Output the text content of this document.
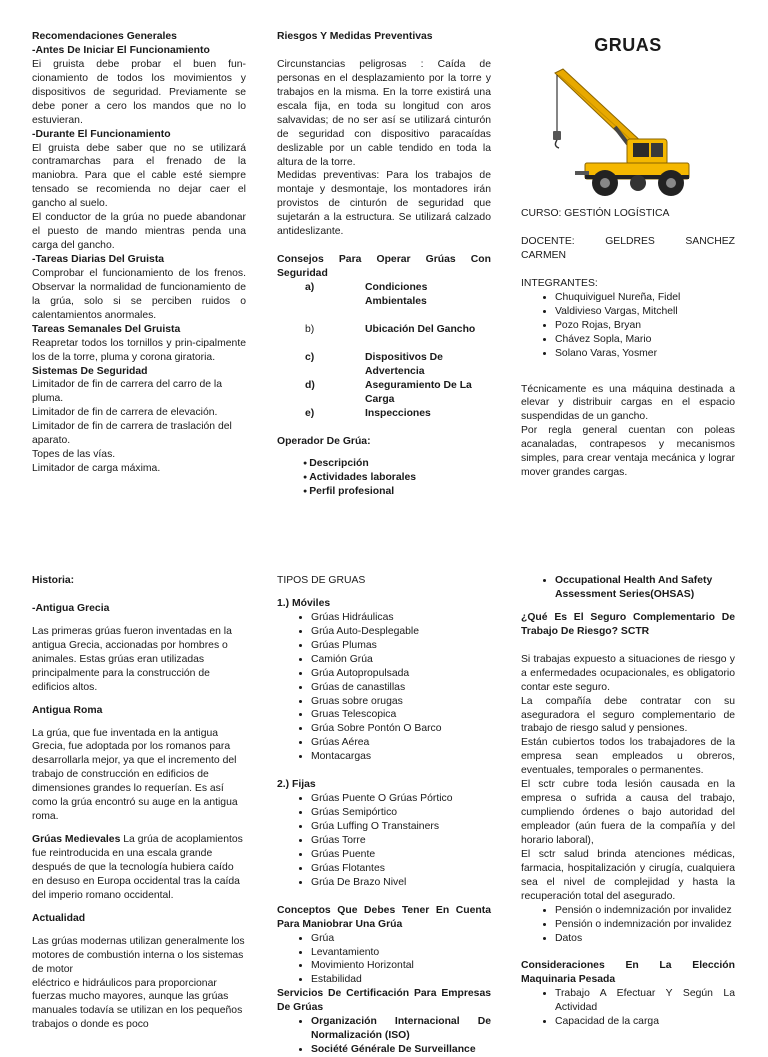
Recomendaciones Generales

-Antes De Iniciar El Funcionamiento

Ei gruista debe probar el buen fun-cionamiento de todos los movimientos y dispositivos de seguridad. Previamente se debe poner a cero los mandos que no lo estuvieran.

-Durante El Funcionamiento

El gruista debe saber que no se utilizará contramarchas para el frenado de la maniobra. Para que el cable esté siempre tensado se recomienda no dejar caer el gancho al suelo.

El conductor de la grúa no puede abandonar el puesto de mando mientras penda una carga del gancho.

-Tareas Diarias Del Gruista

Comprobar el funcionamiento de los frenos. Observar la normalidad de funcionamiento de la grúa, solo si se perciben ruidos o calentamientos anormales.

Tareas Semanales Del Gruista

Reapretar todos los tornillos y prin-cipalmente los de la torre, pluma y corona giratoria.

Sistemas De Seguridad

Limitador de fin de carrera del carro de la pluma.

Limitador de fin de carrera de elevación.

Limitador de fin de carrera de traslación del aparato.

Topes de las vías.

Limitador de carga máxima.

Riesgos Y Medidas Preventivas

Circunstancias peligrosas : Caída de personas en el desplazamiento por la torre y trabajos en la misma. En la torre existirá una escala fija, en toda su longitud con aros salvavidas; de no ser así se utilizará cinturón de seguridad con dispositivo paracaídas deslizable por un cable tendido en toda la altura de la torre.

Medidas preventivas: Para los trabajos de montaje y desmontaje, los montadores irán provistos de cinturón de seguridad que sujetarán a la estructura. Se utilizará calzado antideslizante.

Consejos Para Operar Grúas Con Seguridad

a)	Condiciones Ambientales
b)	Ubicación Del Gancho
c)	Dispositivos De Advertencia
d)	Aseguramiento De La Carga
e)	Inspecciones

Operador De Grúa:

● Descripción
● Actividades laborales
● Perfil profesional

GRUAS

CURSO: GESTIÓN LOGÍSTICA

DOCENTE:	GELDRES	SANCHEZ

CARMEN

INTEGRANTES:

• Chuquiviguel Nureña, Fidel
• Valdivieso Vargas, Mitchell
• Pozo Rojas, Bryan
• Chávez Sopla, Mario
• Solano Varas, Yosmer

Técnicamente es una máquina destinada a elevar y distribuir cargas en el espacio suspendidas de un gancho.

Por regla general cuentan con poleas acanaladas, contrapesos y mecanismos simples, para crear ventaja mecánica y lograr mover grandes cargas.

Historia:

-Antigua Grecia

Las primeras grúas fueron inventadas en la antigua Grecia, accionadas por hombres o animales. Estas grúas eran utilizadas principalmente para la construcción de edificios altos.

Antigua Roma

La grúa, que fue inventada en la antigua Grecia, fue adoptada por los romanos para desarrollarla mejor, ya que el incremento del trabajo de construcción en edificios de dimensiones grandes lo requerían. Es así como la grúa encontró su auge en la antigua roma.

Grúas Medievales La grúa de acoplamientos fue reintroducida en una escala grande después de que la tecnología hubiera caído en desuso en Europa occidental tras la caída del imperio romano occidental.

Actualidad

Las grúas modernas utilizan generalmente los motores de combustión interna o los sistemas de motor

eléctrico e hidráulicos para proporcionar fuerzas mucho mayores, aunque las grúas manuales todavía se utilizan en los pequeños trabajos o donde es poco

TIPOS DE GRUAS

1.) Móviles

• Grúas Hidráulicas
• Grúa Auto-Desplegable
• Grúas Plumas
• Camión Grúa
• Grúa Autopropulsada
• Grúas de canastillas
• Gruas sobre orugas
• Gruas Telescopica
• Grúa Sobre Pontón O Barco
• Grúas Aérea
• Montacargas

2.) Fijas

• Grúas Puente O Grúas Pórtico
• Grúas Semipórtico
• Grúa Luffing O Transtainers
• Grúas Torre
• Grúas Puente
• Grúas Flotantes
• Grúa De Brazo Nivel

Conceptos Que Debes Tener En Cuenta Para Maniobrar Una Grúa

• Grúa
• Levantamiento
• Movimiento Horizontal
• Estabilidad

Servicios De Certificación Para Empresas De Grúas

• Organización Internacional De Normalización (ISO)
• Société Générale De Surveillance
• Occupational Health And Safety Assessment Series(OHSAS)

¿Qué Es El Seguro Complementario De Trabajo De Riesgo? SCTR

Si trabajas expuesto a situaciones de riesgo y a enfermedades ocupacionales, es obligatorio contar este seguro.

La compañía debe contratar con su aseguradora el seguro complementario de trabajo de riesgo salud y pensiones.

Están cubiertos todos los trabajadores de la empresa sean empleados u obreros, eventuales, temporales o permanentes.

El sctr cubre toda lesión causada en la empresa o sufrida a causa del trabajo, cumpliendo órdenes o bajo autoridad del empleador (aún fuera de la compañía y del horario laboral),

El sctr salud brinda atenciones médicas, farmacia, hospitalización y cirugía, cualquiera sea el nivel de complejidad y hasta la recuperación total del asegurado.

• Pensión o indemnización por invalidez
• Pensión o indemnización por invalidez
• Datos

Consideraciones En La Elección Maquinaria Pesada

• Trabajo A Efectuar Y Según La Actividad
• Capacidad de la carga
